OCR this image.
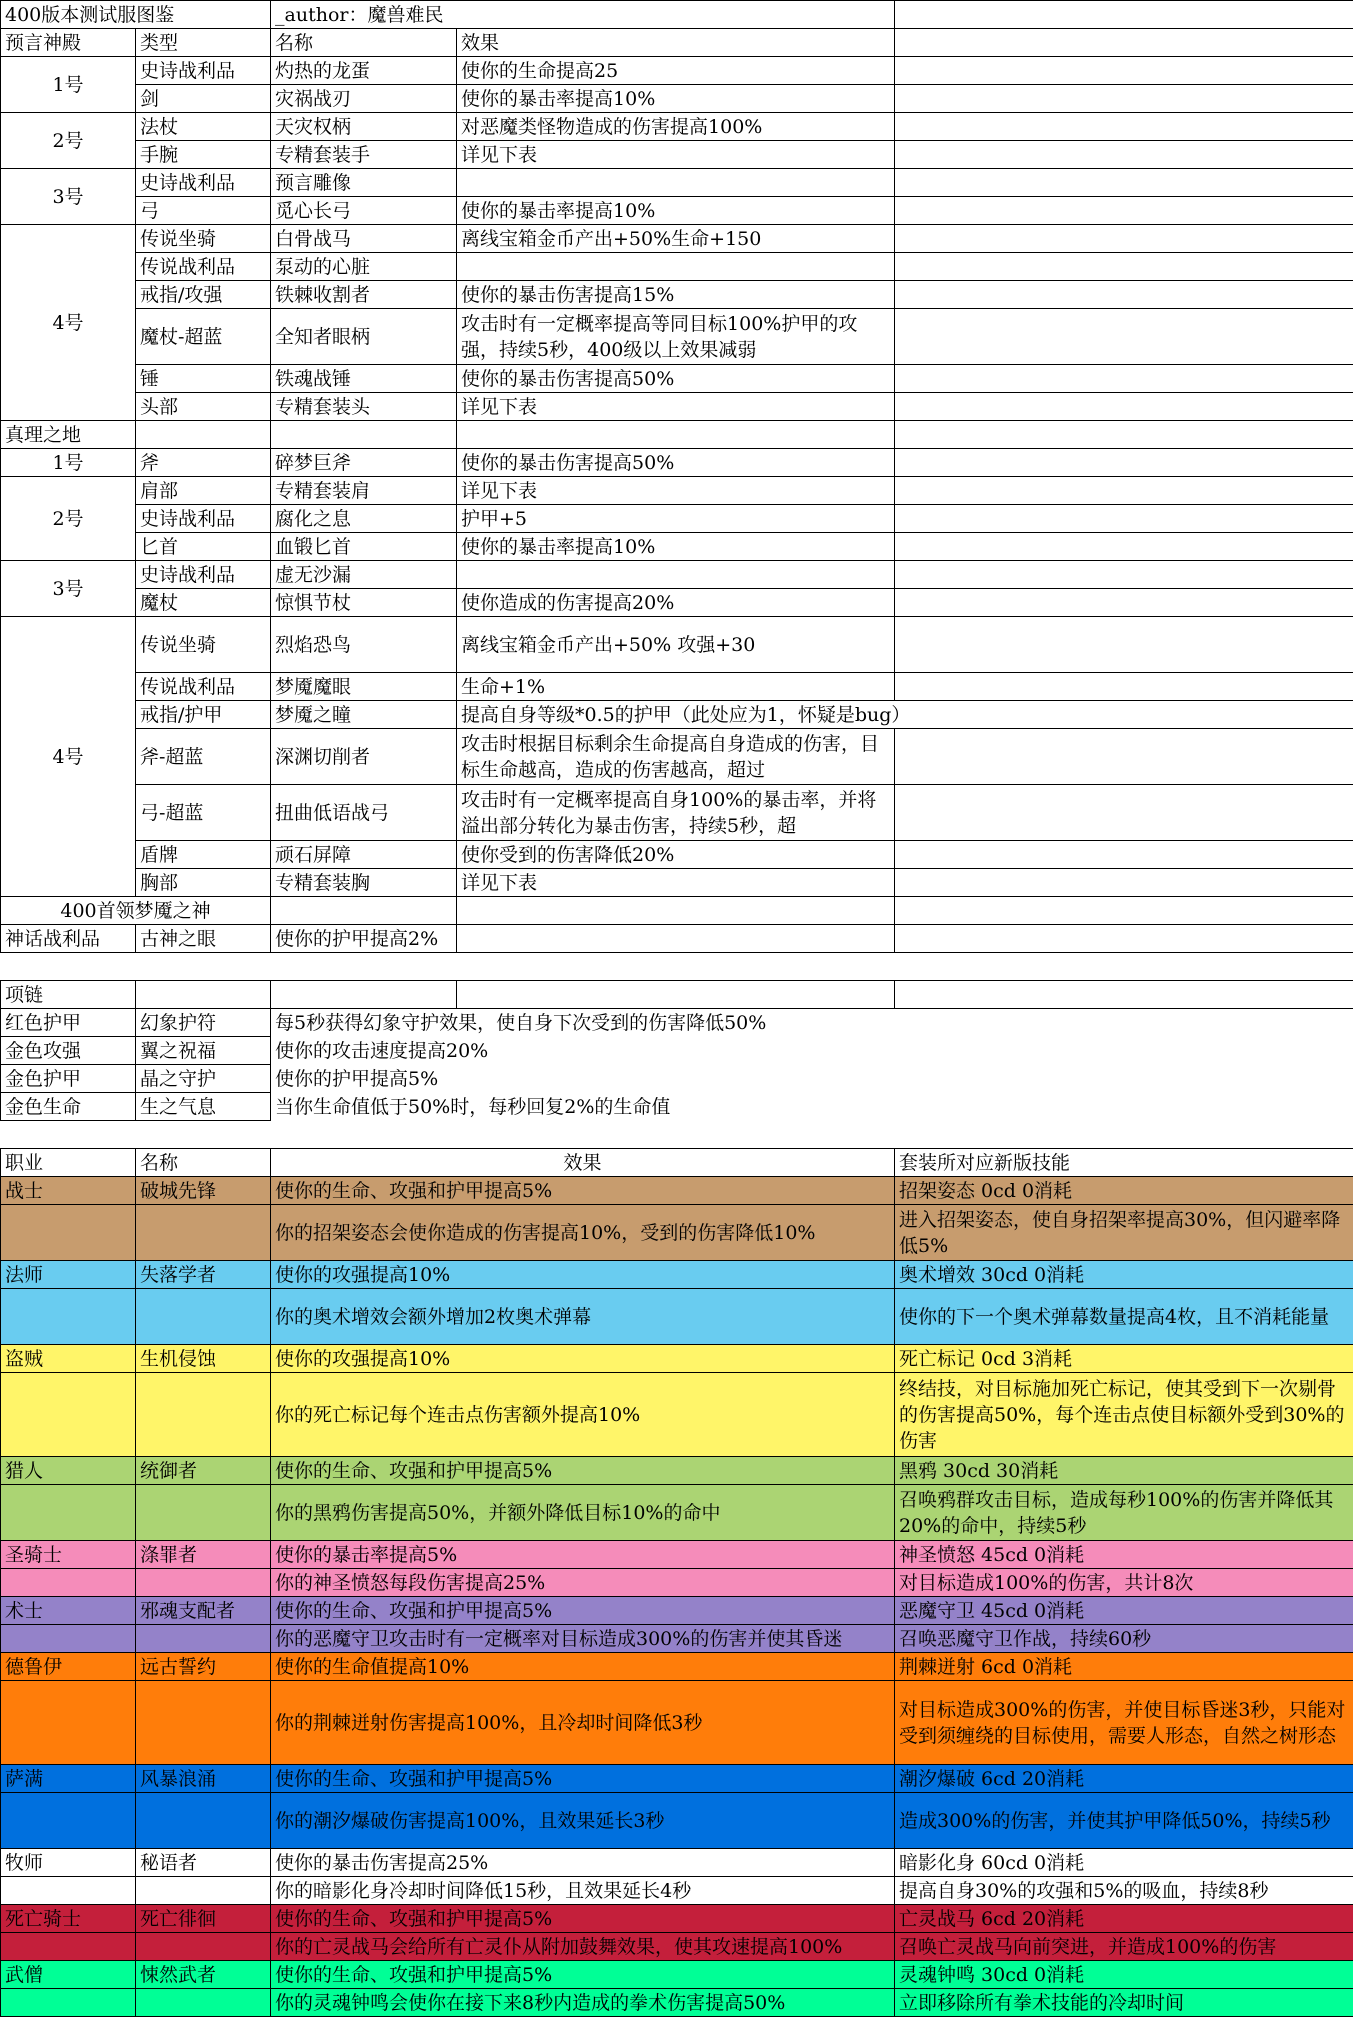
400版本测试服图鉴		_author：魔兽难民		
预言神殿	类型	名称	效果	
1号	史诗战利品	灼热的龙蛋	使你的生命提高25	
	剑	灾祸战刃	使你的暴击率提高10%	
2号	法杖	天灾权柄	对恶魔类怪物造成的伤害提高100%	
	手腕	专精套装手	详见下表	
3号	史诗战利品	预言雕像		
	弓	觅心长弓	使你的暴击率提高10%	
4号	传说坐骑	白骨战马	离线宝箱金币产出+50%生命+150	
	传说战利品	泵动的心脏		
	戒指/攻强	铁棘收割者	使你的暴击伤害提高15%	
	魔杖-超蓝	全知者眼柄	攻击时有一定概率提高等同目标100%护甲的攻强，持续5秒，400级以上效果减弱	
	锤	铁魂战锤	使你的暴击伤害提高50%	
	头部	专精套装头	详见下表	
真理之地				
1号	斧	碎梦巨斧	使你的暴击伤害提高50%	
2号	肩部	专精套装肩	详见下表	
	史诗战利品	腐化之息	护甲+5	
	匕首	血锻匕首	使你的暴击率提高10%	
3号	史诗战利品	虚无沙漏		
	魔杖	惊惧节杖	使你造成的伤害提高20%	
4号	传说坐骑	烈焰恐鸟	离线宝箱金币产出+50% 攻强+30	
	传说战利品	梦魇魔眼	生命+1%	
	戒指/护甲	梦魇之瞳	提高自身等级*0.5的护甲（此处应为1，怀疑是bug）	
	斧-超蓝	深渊切削者	攻击时根据目标剩余生命提高自身造成的伤害，目标生命越高，造成的伤害越高，超过	
	弓-超蓝	扭曲低语战弓	攻击时有一定概率提高自身100%的暴击率，并将溢出部分转化为暴击伤害，持续5秒，超	
	盾牌	顽石屏障	使你受到的伤害降低20%	
	胸部	专精套装胸	详见下表	
400首领梦魇之神				
神话战利品	古神之眼	使你的护甲提高2%		
项链				
红色护甲	幻象护符	每5秒获得幻象守护效果，使自身下次受到的伤害降低50%		
金色攻强	翼之祝福	使你的攻击速度提高20%		
金色护甲	晶之守护	使你的护甲提高5%		
金色生命	生之气息	当你生命值低于50%时，每秒回复2%的生命值		
职业	名称	效果	套装所对应新版技能
战士	破城先锋	使你的生命、攻强和护甲提高5%	招架姿态 0cd 0消耗
		你的招架姿态会使你造成的伤害提高10%，受到的伤害降低10%	进入招架姿态，使自身招架率提高30%，但闪避率降低5%
法师	失落学者	使你的攻强提高10%	奥术增效 30cd 0消耗
		你的奥术增效会额外增加2枚奥术弹幕	使你的下一个奥术弹幕数量提高4枚，且不消耗能量
盗贼	生机侵蚀	使你的攻强提高10%	死亡标记 0cd 3消耗
		你的死亡标记每个连击点伤害额外提高10%	终结技，对目标施加死亡标记，使其受到下一次剔骨的伤害提高50%，每个连击点使目标额外受到30%的伤害
猎人	统御者	使你的生命、攻强和护甲提高5%	黑鸦 30cd 30消耗
		你的黑鸦伤害提高50%，并额外降低目标10%的命中	召唤鸦群攻击目标，造成每秒100%的伤害并降低其20%的命中，持续5秒
圣骑士	涤罪者	使你的暴击率提高5%	神圣愤怒 45cd 0消耗
		你的神圣愤怒每段伤害提高25%	对目标造成100%的伤害，共计8次
术士	邪魂支配者	使你的生命、攻强和护甲提高5%	恶魔守卫 45cd 0消耗
		你的恶魔守卫攻击时有一定概率对目标造成300%的伤害并使其昏迷	召唤恶魔守卫作战，持续60秒
德鲁伊	远古誓约	使你的生命值提高10%	荆棘迸射 6cd 0消耗
		你的荆棘迸射伤害提高100%，且冷却时间降低3秒	对目标造成300%的伤害，并使目标昏迷3秒，只能对受到须缠绕的目标使用，需要人形态，自然之树形态
萨满	风暴浪涌	使你的生命、攻强和护甲提高5%	潮汐爆破 6cd 20消耗
		你的潮汐爆破伤害提高100%，且效果延长3秒	造成300%的伤害，并使其护甲降低50%，持续5秒
牧师	秘语者	使你的暴击伤害提高25%	暗影化身 60cd 0消耗
		你的暗影化身冷却时间降低15秒，且效果延长4秒	提高自身30%的攻强和5%的吸血，持续8秒
死亡骑士	死亡徘徊	使你的生命、攻强和护甲提高5%	亡灵战马 6cd 20消耗
		你的亡灵战马会给所有亡灵仆从附加鼓舞效果，使其攻速提高100%	召唤亡灵战马向前突进，并造成100%的伤害
武僧	悚然武者	使你的生命、攻强和护甲提高5%	灵魂钟鸣 30cd 0消耗
		你的灵魂钟鸣会使你在接下来8秒内造成的拳术伤害提高50%	立即移除所有拳术技能的冷却时间
